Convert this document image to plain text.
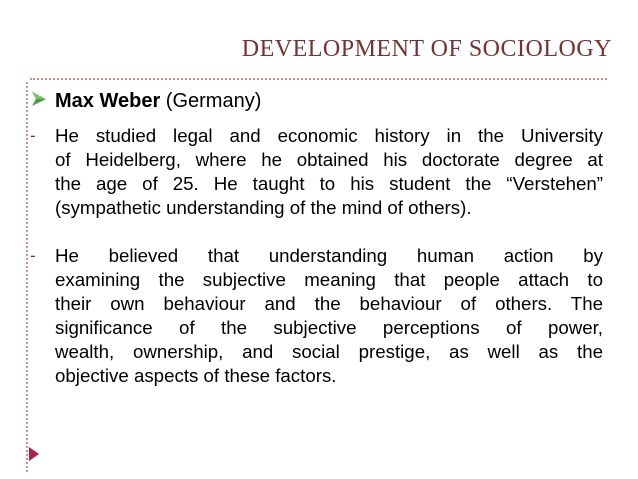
DEVELOPMENT OF SOCIOLOGY
Max Weber (Germany)
- He studied legal and economic history in the University
of Heidelberg, where he obtained his doctorate degree at
the age of 25. He taught to his student the “Verstehen”
(sympathetic understanding of the mind of others).
- He believed that understanding human action by
examining the subjective meaning that people attach to
their own behaviour and the behaviour of others. The
significance of the subjective perceptions of power,
wealth, ownership, and social prestige, as well as the
objective aspects of these factors.
